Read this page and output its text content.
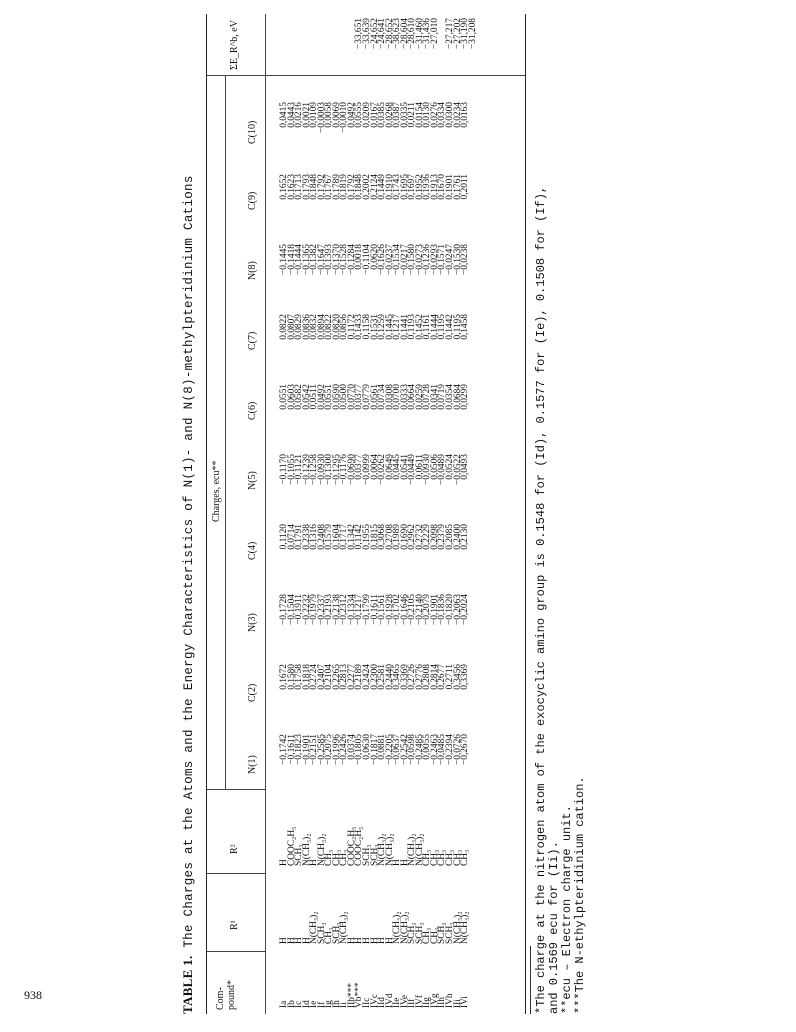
938	TABLE 1. The Charges at the Atoms and the Energy Characteristics of N(1)- and N(8)-methylpteridinium Cations
Com-pound*
R¹
R²
Charges, ecu**
N(1)
C(2)
N(3)
C(4)
N(5)
C(6)
C(7)
N(8)
C(9)
C(10)
ΣE_R^b, eV
Ia
Ib
Ic
Id
Ie
If
Ig
Ih
Ii
IIb***
Vb***
IIc
IVc
IId
IVd
IIe
IVe
IIf
IVf
IIg
IVg
IIh
IVh
IIi
IVi

H
H
H
H
N(CH₃)₂
SCH₃
CH₃
SCH₃
N(CH₃)₂
H
H
H
H
H
H
N(CH₃)₂
N(CH₃)₂
SCH₃
SCH₃
CH₃
CH₃
SCH₃
SCH₃
N(CH₃)₂
N(CH₃)₂

H
COOC₂H₅
SCH₃
N(CH₃)₂
H
N(CH₃)₂
CH₃
CH₃
CH₃
COOC₂H₅
COOC₂H₅
SCH₃
SCH₃
N(CH₃)₂
N(CH₃)₂
H
H
N(CH₃)₂
N(CH₃)₂
CH₃
CH₃
CH₃
CH₃
CH₃
CH₃

−0,1742
−0,1611
−0,1823
−0,1901
−0,2151
−0,2585
−0,2075
−0,1996
−0,2426
0,0374
−0,1805
0,0630
−0,1817
0,0881
−0,2205
−0,0637
−0,2542
−0,0598
−0,2485
0,0055
−0,2463
−0,0485
−0,2394
−0,0726
−0,2670

0,1672
0,1580
0,1758
0,1818
0,2724
0,2407
0,2104
0,2265
0,2813
0,2277
0,2189
0,2424
0,2300
0,2581
0,2440
0,3465
0,3369
0,2726
0,2776
0,2808
0,2814
0,2677
0,2711
0,3456
0,3369

−0,1728
−0,1504
−0,1911
−0,2232
−0,1979
−0,2337
−0,2193
−0,2138
−0,2312
−0,1334
−0,1217
−0,1799
−0,1611
−0,1561
−0,1928
−0,1702
−0,1646
−0,2105
−0,2140
−0,2079
−0,1901
−0,1836
−0,1820
−0,2063
−0,2024

0,1120
0,0714
0,1791
0,2338
0,1316
0,2408
0,1579
0,1604
0,1717
0,1342
0,1142
0,1955
0,1815
0,3068
0,2708
0,1989
0,1690
0,2962
0,2732
0,2229
0,2098
0,2379
0,2085
0,2400
0,2130

−0,1170
−0,1055
−0,1121
−0,1239
−0,1258
−0,0930
−0,1300
−0,1295
−0,1176
−0,0690
0,0377
−0,0999
0,0064
−0,0262
0,0649
0,0445
0,0541
−0,0449
0,0611
−0,0930
0,0506
−0,0489
0,0524
−0,0522
0,0493

0,0551
0,0603
0,0582
0,0542
0,0511
0,0492
0,0551
0,0590
0,0500
0,0770
0,0377
0,0779
0,0561
0,0734
0,0308
0,0700
0,0333
0,0664
0,0259
0,0728
0,0341
0,0719
0,0354
0,0684
0,0299

0,0822
0,0807
0,0829
0,0836
0,0832
0,0894
0,0822
0,0820
0,0856
0,1172
0,1433
0,1158
0,1531
0,1259
0,1445
0,1217
0,1441
0,1193
0,1452
0,1161
0,1444
0,1195
0,1442
0,1195
0,1458

−0,1445
−0,1418
−0,1444
−0,1365
−0,1382
−0,1647
−0,1393
−0,1370
−0,1528
−0,1284
0,0018
−0,1104
0,0620
−0,1626
−0,0237
−0,1534
−0,0217
−0,1580
−0,0273
−0,1236
−0,0293
−0,1571
−0,0247
−0,1530
−0,0238

0,1652
0,1623
0,1713
0,1793
0,1848
0,1792
0,1767
0,1789
0,1819
0,1792
0,1848
0,2002
0,2124
0,1449
0,1910
0,1743
0,1695
0,1697
0,1952
0,1936
0,1913
0,1670
0,1901
0,1761
0,2011

0,0415
0,0443
0,0216
0,0021
0,0109
−0,0003
0,0058
0,0069
−0,0010
0,0492
0,0555
0,0209
0,0167
0,0385
0,0268
0,0387
0,0335
0,0211
0,0154
0,0130
0,0276
0,0334
0,0300
0,0234
0,0163

−33,651
−33,639
−24,652
−24,641
−28,652
−38,623
−28,604
−28,610
−31,460
−31,436
−27,010
−27,217
−27,202
−31,190
−31,208

*The charge at the nitrogen atom of the exocyclic amino group is 0.1548 for (Id), 0.1577 for (Ie), 0.1508 for (If), and 0.1569 ecu for (Ii). **ecu – Electron charge unit. ***The N-ethylpteridinium cation.
